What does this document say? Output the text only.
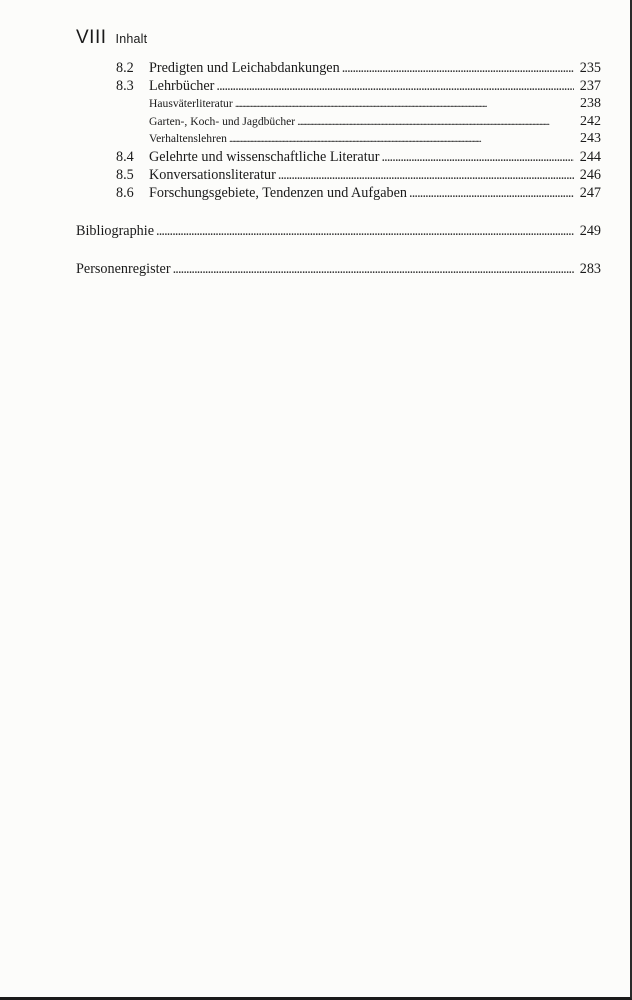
VIII Inhalt
8.2	Predigten und Leichabdankungen . . .	235
8.3	Lehrbücher . . .	237
Hausväterliteratur . . .	238
Garten-, Koch- und Jagdbücher . . .	242
Verhaltenslehren . . .	243
8.4	Gelehrte und wissenschaftliche Literatur . . .	244
8.5	Konversationsliteratur . . .	246
8.6	Forschungsgebiete, Tendenzen und Aufgaben . . .	247
Bibliographie . . .	249
Personenregister . . .	283
